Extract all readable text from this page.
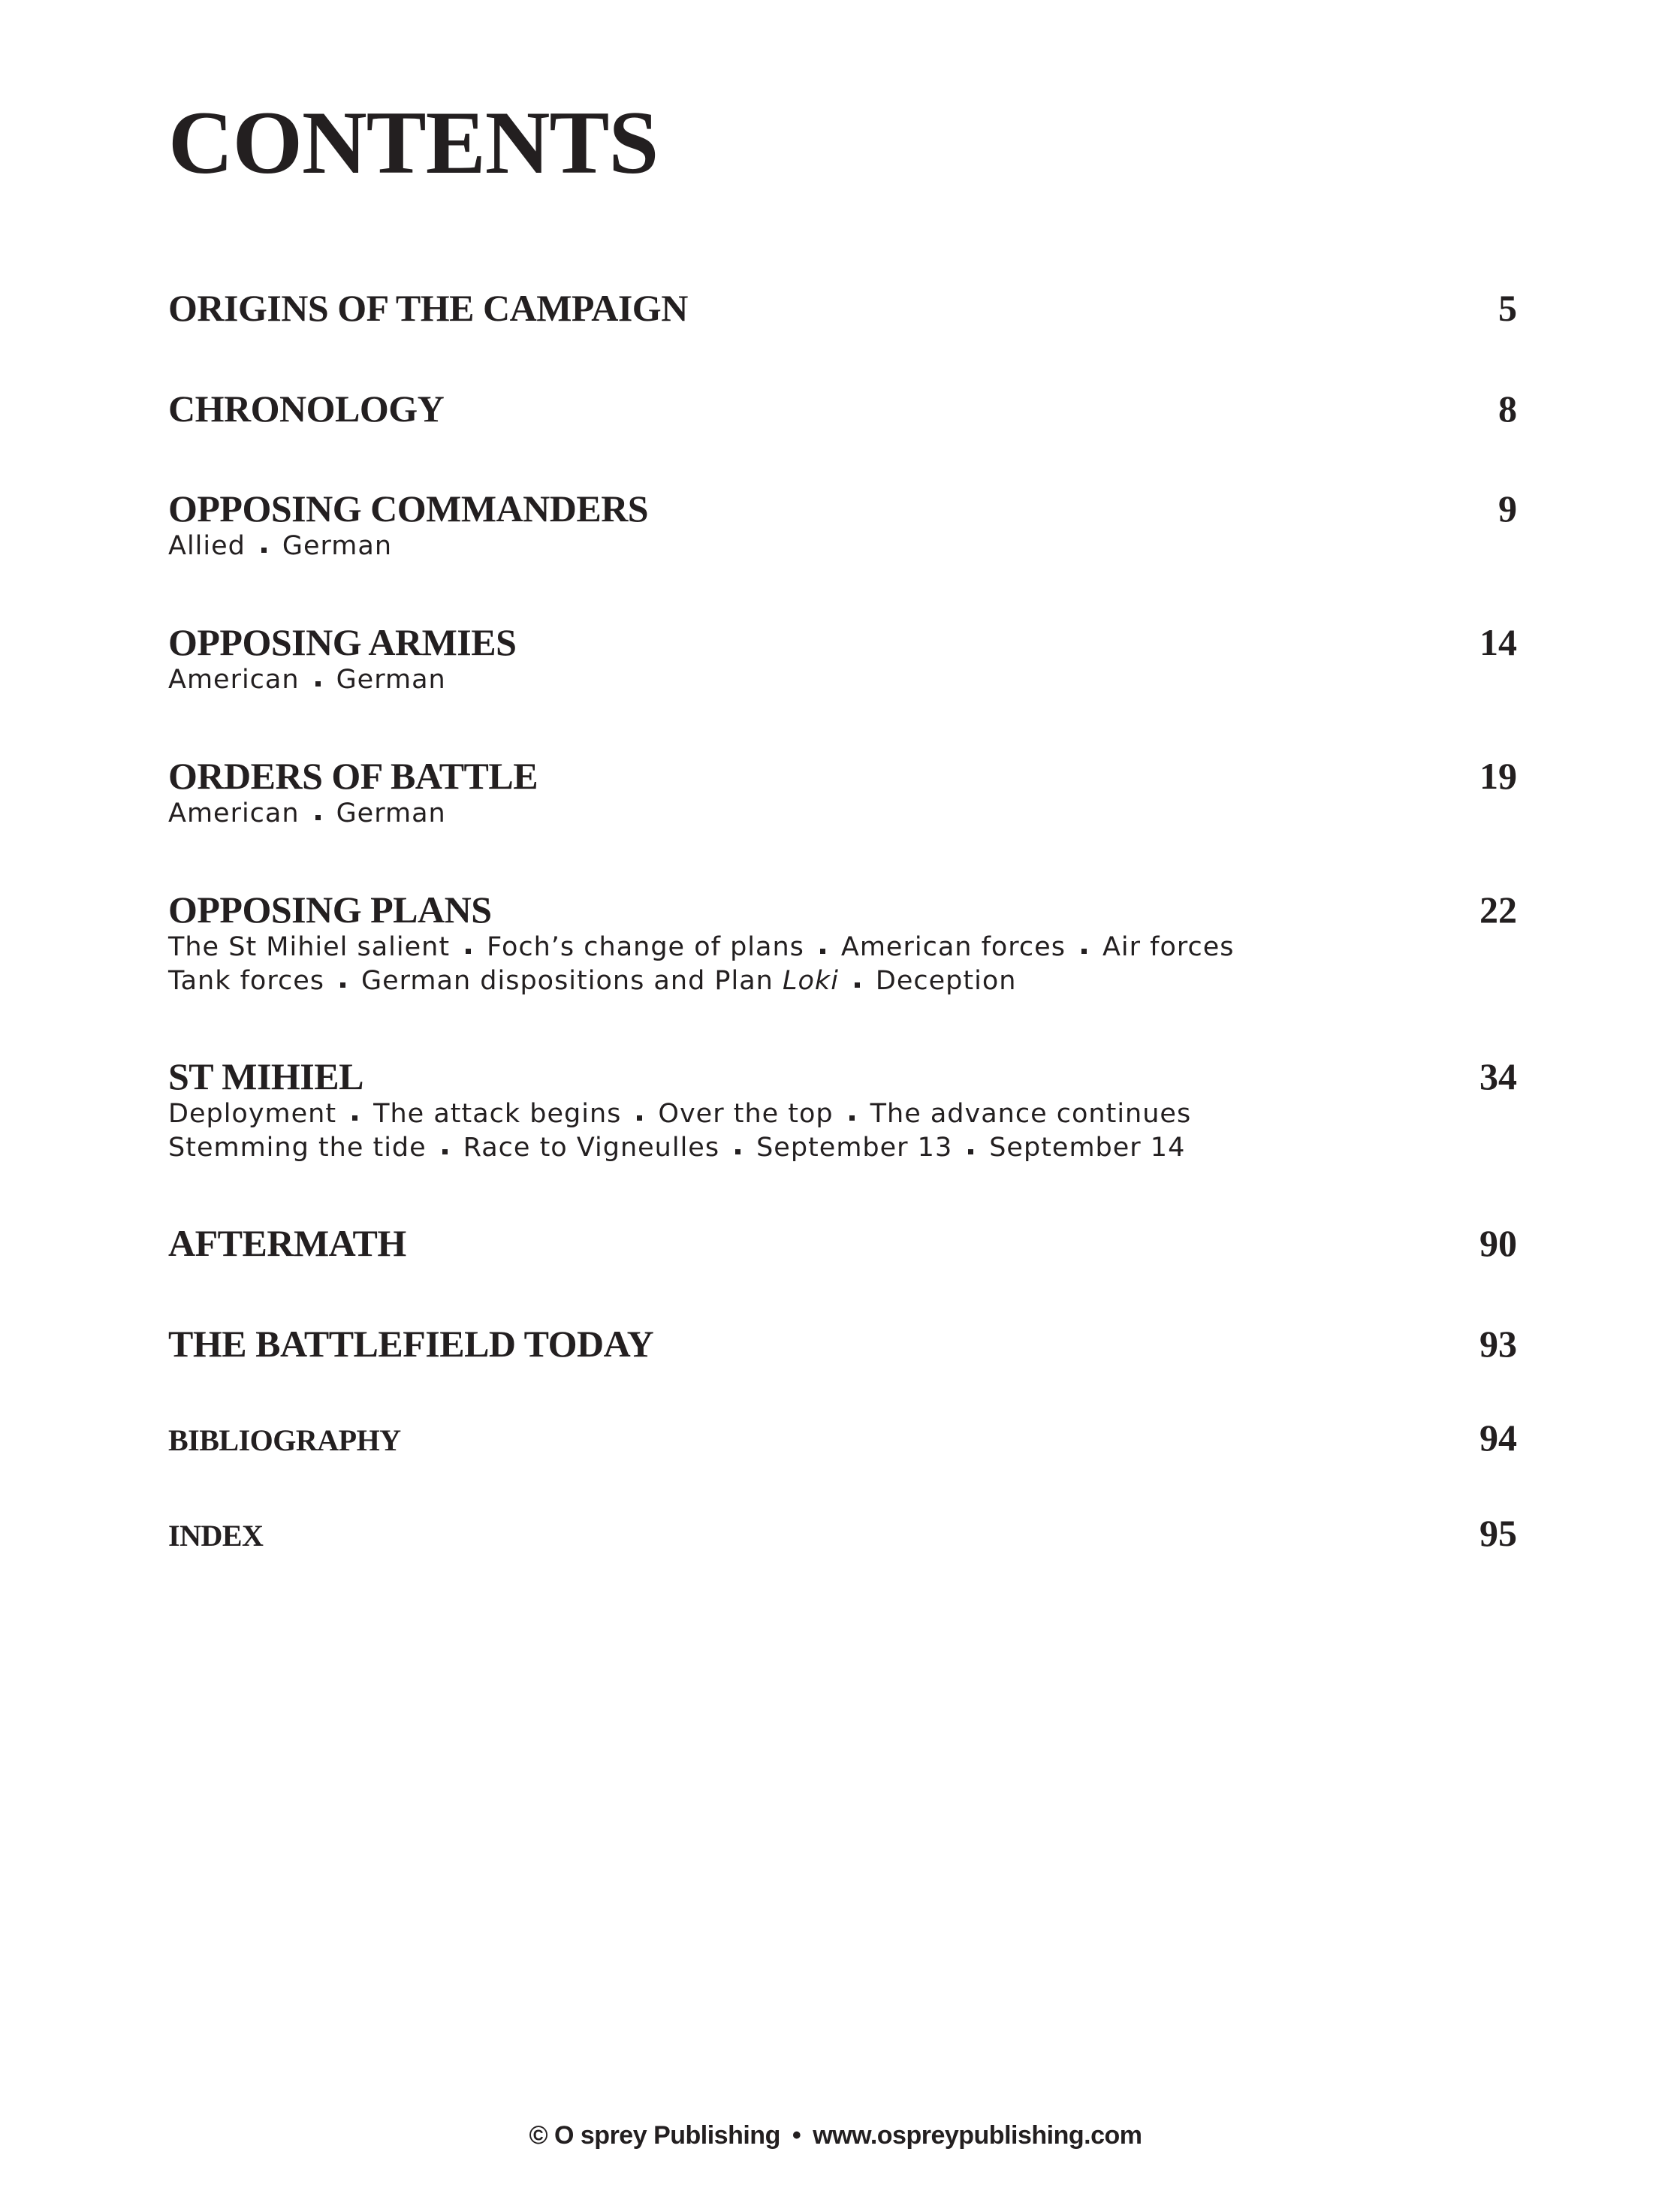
CONTENTS
ORIGINS OF THE CAMPAIGN	5
CHRONOLOGY	8
OPPOSING COMMANDERS	9
Allied German
OPPOSING ARMIES	14
American German
ORDERS OF BATTLE	19
American German
OPPOSING PLANS	22
The St Mihiel salient Foch’s change of plans American forces Air forces
Tank forces German dispositions and Plan Loki Deception
ST MIHIEL	34
Deployment The attack begins Over the top The advance continues
Stemming the tide Race to Vigneulles September 13 September 14
AFTERMATH	90
THE BATTLEFIELD TODAY	93
BIBLIOGRAPHY	94
INDEX	95
© O sprey Publishing • www.ospreypublishing.com
